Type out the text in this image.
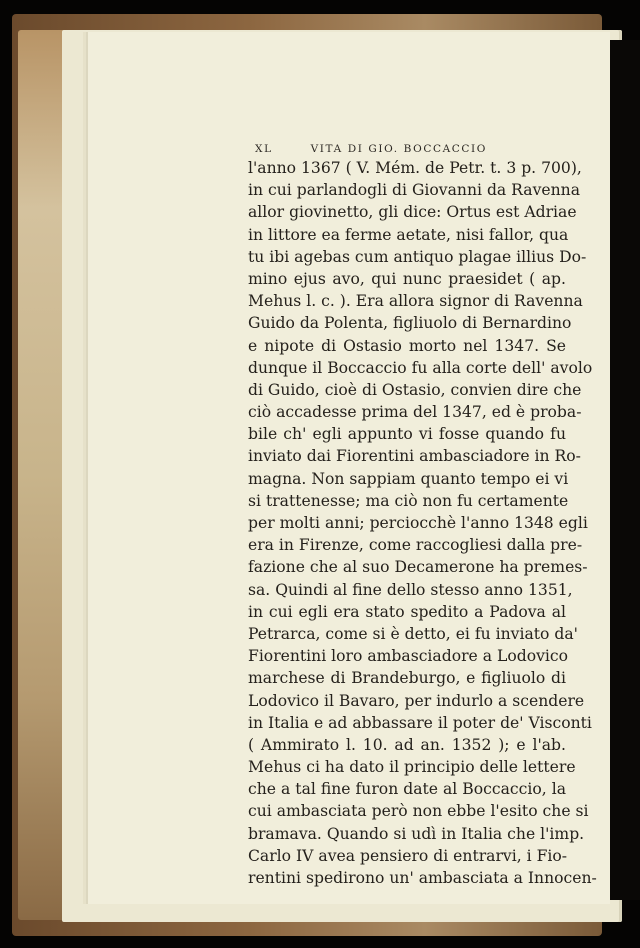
XL	VITA DI GIO. BOCCACCIO
l'anno 1367 ( V. Mém. de Petr. t. 3 p. 700),
in cui parlandogli di Giovanni da Ravenna
allor giovinetto, gli dice: Ortus est Adriae
in littore ea ferme aetate, nisi fallor, qua
tu ibi agebas cum antiquo plagae illius Do-
mino ejus avo, qui nunc praesidet ( ap.
Mehus l. c. ). Era allora signor di Ravenna
Guido da Polenta, figliuolo di Bernardino
e nipote di Ostasio morto nel 1347. Se
dunque il Boccaccio fu alla corte dell' avolo
di Guido, cioè di Ostasio, convien dire che
ciò accadesse prima del 1347, ed è proba-
bile ch' egli appunto vi fosse quando fu
inviato dai Fiorentini ambasciadore in Ro-
magna. Non sappiam quanto tempo ei vi
si trattenesse; ma ciò non fu certamente
per molti anni; perciocchè l'anno 1348 egli
era in Firenze, come raccogliesi dalla pre-
fazione che al suo Decamerone ha premes-
sa. Quindi al fine dello stesso anno 1351,
in cui egli era stato spedito a Padova al
Petrarca, come si è detto, ei fu inviato da'
Fiorentini loro ambasciadore a Lodovico
marchese di Brandeburgo, e figliuolo di
Lodovico il Bavaro, per indurlo a scendere
in Italia e ad abbassare il poter de' Visconti
( Ammirato l. 10. ad an. 1352 ); e l'ab.
Mehus ci ha dato il principio delle lettere
che a tal fine furon date al Boccaccio, la
cui ambasciata però non ebbe l'esito che si
bramava. Quando si udì in Italia che l'imp.
Carlo IV avea pensiero di entrarvi, i Fio-
rentini spedirono un' ambasciata a Innocen-
